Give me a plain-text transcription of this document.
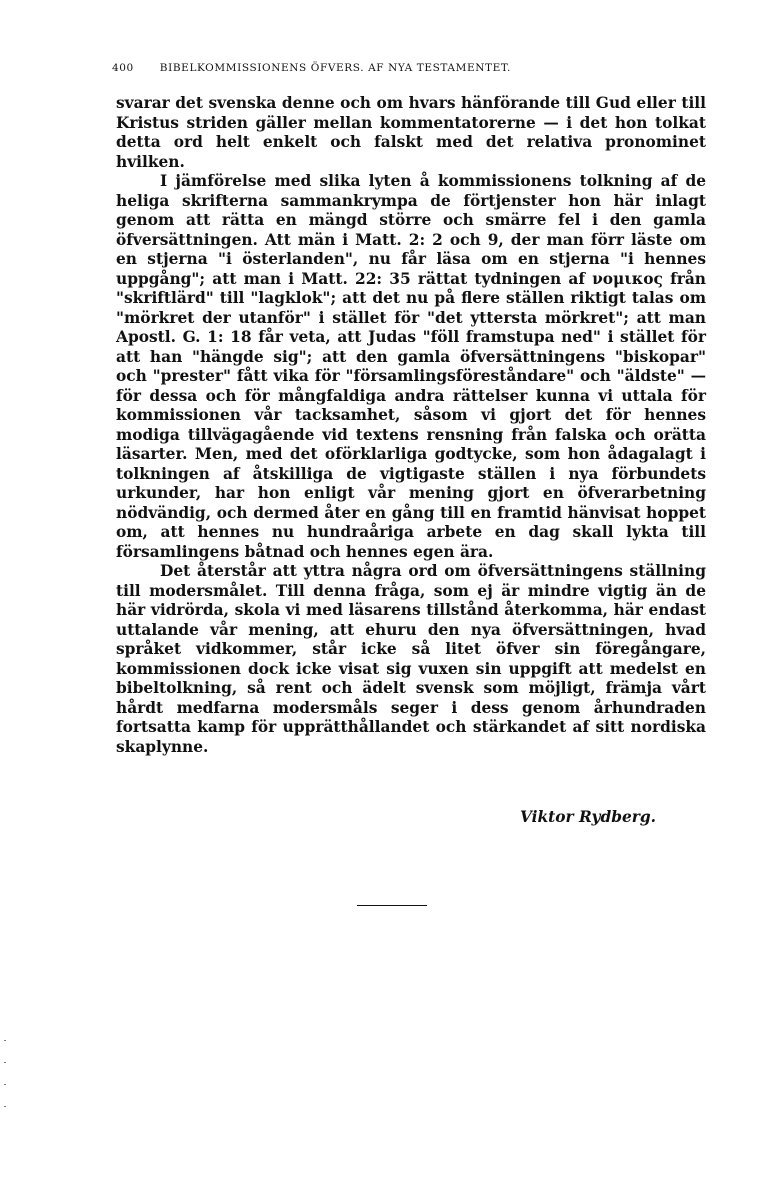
400 BIBELKOMMISSIONENS ÖFVERS. AF NYA TESTAMENTET.

svarar det svenska denne och om hvars hänförande till Gud eller till Kristus striden gäller mellan kommentatorerne — i det hon tolkat detta ord helt enkelt och falskt med det relativa pronominet hvilken.

I jämförelse med slika lyten å kommissionens tolkning af de heliga skrifterna sammankrympa de förtjenster hon här inlagt genom att rätta en mängd större och smärre fel i den gamla öfversättningen. Att män i Matt. 2: 2 och 9, der man förr läste om en stjerna "i österlanden", nu får läsa om en stjerna "i hennes uppgång"; att man i Matt. 22: 35 rättat tydningen af νομικος från "skriftlärd" till "lagklok"; att det nu på flere ställen riktigt talas om "mörkret der utanför" i stället för "det yttersta mörkret"; att man Apostl. G. 1: 18 får veta, att Judas "föll framstupa ned" i stället för att han "hängde sig"; att den gamla öfversättningens "biskopar" och "prester" fått vika för "församlingsföreståndare" och "äldste" — för dessa och för mångfaldiga andra rättelser kunna vi uttala för kommissionen vår tacksamhet, såsom vi gjort det för hennes modiga tillvägagående vid textens rensning från falska och orätta läsarter. Men, med det oförklarliga godtycke, som hon ådagalagt i tolkningen af åtskilliga de vigtigaste ställen i nya förbundets urkunder, har hon enligt vår mening gjort en öfverarbetning nödvändig, och dermed åter en gång till en framtid hänvisat hoppet om, att hennes nu hundraåriga arbete en dag skall lykta till församlingens båtnad och hennes egen ära.

Det återstår att yttra några ord om öfversättningens ställning till modersmålet. Till denna fråga, som ej är mindre vigtig än de här vidrörda, skola vi med läsarens tillstånd återkomma, här endast uttalande vår mening, att ehuru den nya öfversättningen, hvad språket vidkommer, står icke så litet öfver sin föregångare, kommissionen dock icke visat sig vuxen sin uppgift att medelst en bibeltolkning, så rent och ädelt svensk som möjligt, främja vårt hårdt medfarna modersmåls seger i dess genom århundraden fortsatta kamp för upprätthållandet och stärkandet af sitt nordiska skaplynne.

Viktor Rydberg.
